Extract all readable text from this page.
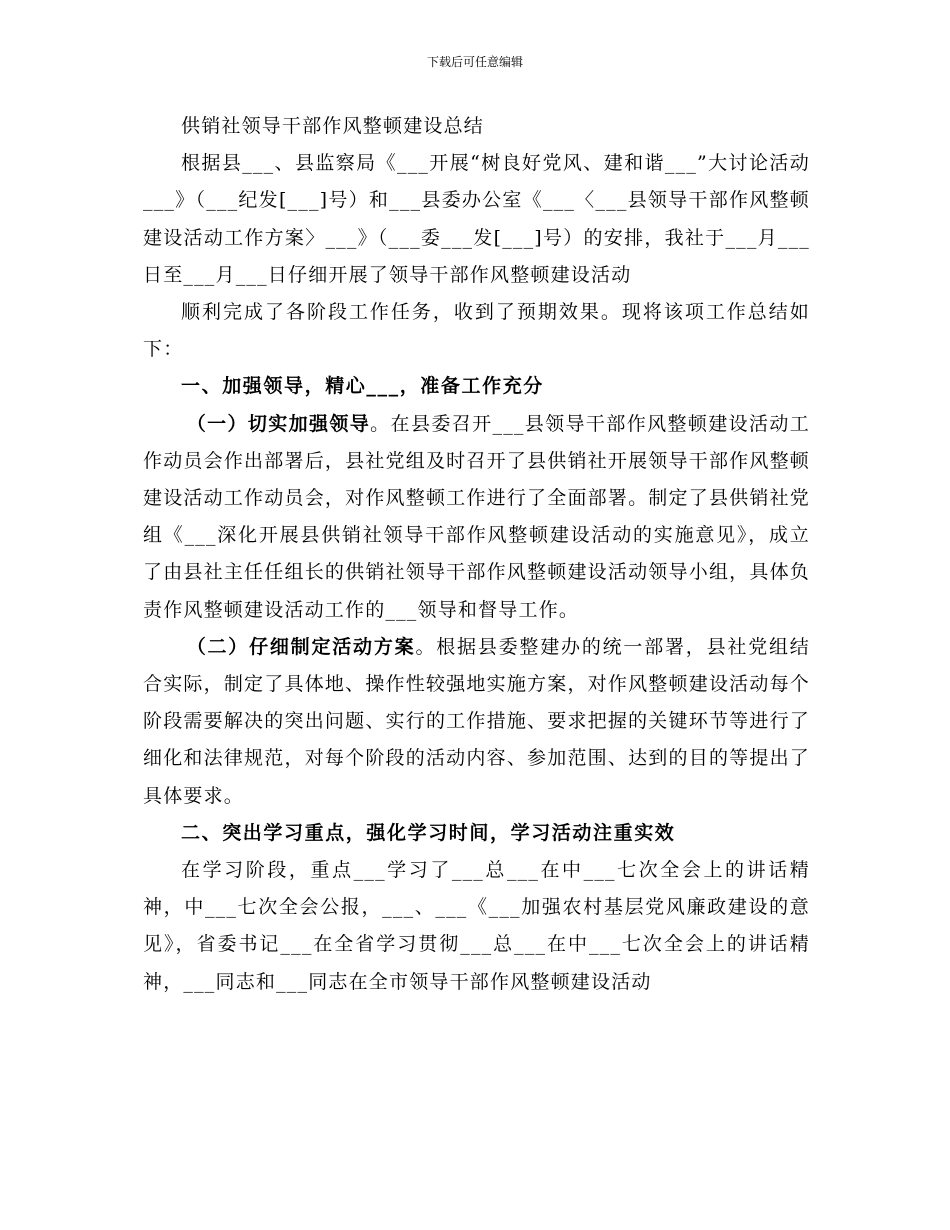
下载后可任意编辑

供销社领导干部作风整顿建设总结

根据县___、县监察局《___开展“树良好党风、建和谐___”大讨论活动___》（___纪发[___]号）和___县委办公室《___〈___县领导干部作风整顿建设活动工作方案〉___》（___委___发[___]号）的安排，我社于___月___日至___月___日仔细开展了领导干部作风整顿建设活动

顺利完成了各阶段工作任务，收到了预期效果。现将该项工作总结如下：

一、加强领导，精心___，准备工作充分

（一）切实加强领导。在县委召开___县领导干部作风整顿建设活动工作动员会作出部署后，县社党组及时召开了县供销社开展领导干部作风整顿建设活动工作动员会，对作风整顿工作进行了全面部署。制定了县供销社党组《___深化开展县供销社领导干部作风整顿建设活动的实施意见》，成立了由县社主任任组长的供销社领导干部作风整顿建设活动领导小组，具体负责作风整顿建设活动工作的___领导和督导工作。

（二）仔细制定活动方案。根据县委整建办的统一部署，县社党组结合实际，制定了具体地、操作性较强地实施方案，对作风整顿建设活动每个阶段需要解决的突出问题、实行的工作措施、要求把握的关键环节等进行了细化和法律规范，对每个阶段的活动内容、参加范围、达到的目的等提出了具体要求。

二、突出学习重点，强化学习时间，学习活动注重实效

在学习阶段，重点___学习了___总___在中___七次全会上的讲话精神，中___七次全会公报，___、___《___加强农村基层党风廉政建设的意见》，省委书记___在全省学习贯彻___总___在中___七次全会上的讲话精神，___同志和___同志在全市领导干部作风整顿建设活动
